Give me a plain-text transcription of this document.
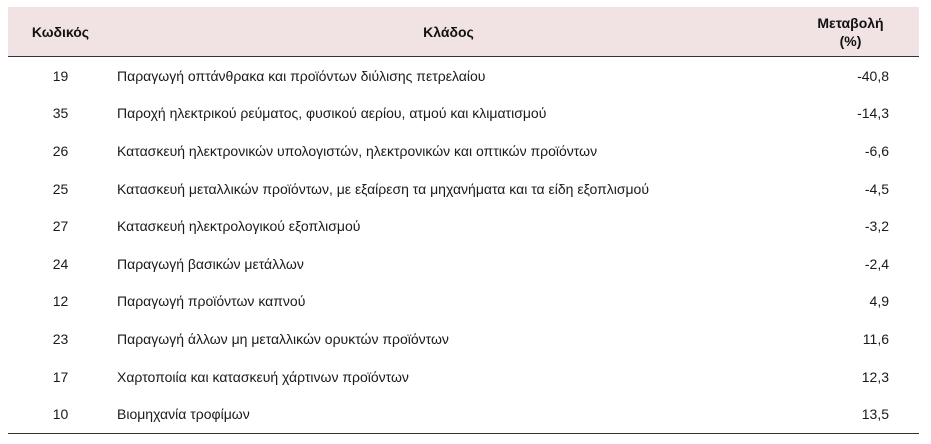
Κωδικός	Κλάδος	Μεταβολή
(%)
19	Παραγωγή οπτάνθρακα και προϊόντων διύλισης πετρελαίου	-40,8
35	Παροχή ηλεκτρικού ρεύματος, φυσικού αερίου, ατμού και κλιματισμού	-14,3
26	Κατασκευή ηλεκτρονικών υπολογιστών, ηλεκτρονικών και οπτικών προϊόντων	-6,6
25	Κατασκευή μεταλλικών προϊόντων, με εξαίρεση τα μηχανήματα και τα είδη εξοπλισμού	-4,5
27	Κατασκευή ηλεκτρολογικού εξοπλισμού	-3,2
24	Παραγωγή βασικών μετάλλων	-2,4
12	Παραγωγή προϊόντων καπνού	4,9
23	Παραγωγή άλλων μη μεταλλικών ορυκτών προϊόντων	11,6
17	Χαρτοποιία και κατασκευή χάρτινων προϊόντων	12,3
10	Βιομηχανία τροφίμων	13,5
